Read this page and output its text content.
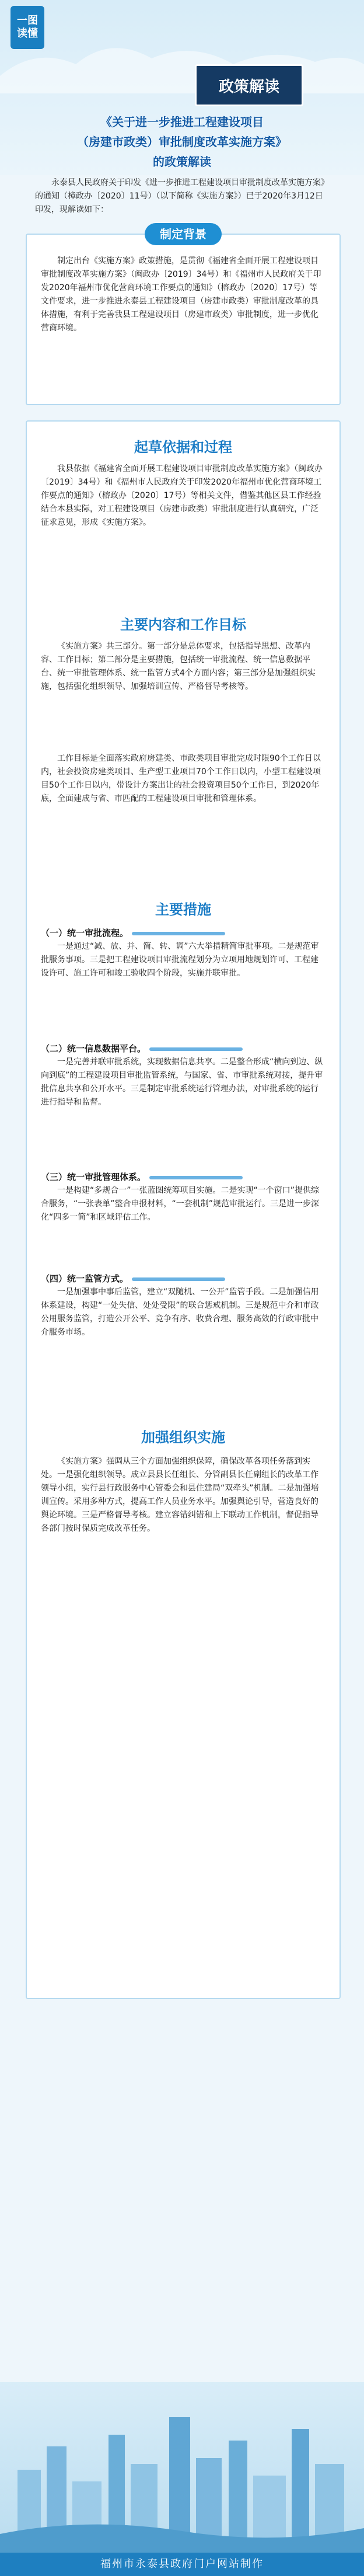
一图
读懂
政策解读
《关于进一步推进工程建设项目
（房建市政类）审批制度改革实施方案》
的政策解读

永泰县人民政府关于印发《进一步推进工程建设项目审批制度改革实施方案》的通知（樟政办〔2020〕11号）（以下简称《实施方案》）已于2020年3月12日印发，现解读如下：

制定背景

制定出台《实施方案》政策措施，是贯彻《福建省全面开展工程建设项目审批制度改革实施方案》（闽政办〔2019〕34号）和《福州市人民政府关于印发2020年福州市优化营商环境工作要点的通知》（榕政办〔2020〕17号）等文件要求，进一步推进永泰县工程建设项目（房建市政类）审批制度改革的具体措施，有利于完善我县工程建设项目（房建市政类）审批制度，进一步优化营商环境。

起草依据和过程

我县依据《福建省全面开展工程建设项目审批制度改革实施方案》（闽政办〔2019〕34号）和《福州市人民政府关于印发2020年福州市优化营商环境工作要点的通知》（榕政办〔2020〕17号）等相关文件，借鉴其他区县工作经验结合本县实际，对工程建设项目（房建市政类）审批制度进行认真研究，广泛征求意见，形成《实施方案》。

主要内容和工作目标

《实施方案》共三部分。第一部分是总体要求，包括指导思想、改革内容、工作目标；第二部分是主要措施，包括统一审批流程、统一信息数据平台、统一审批管理体系、统一监管方式4个方面内容；第三部分是加强组织实施，包括强化组织领导、加强培训宣传、严格督导考核等。

工作目标是全面落实政府房建类、市政类项目审批完成时限90个工作日以内，社会投资房建类项目、生产型工业项目70个工作日以内，小型工程建设项目50个工作日以内，带设计方案出让的社会投资项目50个工作日，到2020年底，全面建成与省、市匹配的工程建设项目审批和管理体系。

主要措施
（一）统一审批流程。

一是通过“减、放、并、简、转、调”六大举措精简审批事项。二是规范审批服务事项。三是把工程建设项目审批流程划分为立项用地规划许可、工程建设许可、施工许可和竣工验收四个阶段，实施并联审批。

（二）统一信息数据平台。

一是完善并联审批系统，实现数据信息共享。二是整合形成“横向到边、纵向到底”的工程建设项目审批监管系统，与国家、省、市审批系统对接，提升审批信息共享和公开水平。三是制定审批系统运行管理办法，对审批系统的运行进行指导和监督。

（三）统一审批管理体系。

一是构建“多规合一”一张蓝图统筹项目实施。二是实现“一个窗口”提供综合服务，“一张表单”整合申报材料，“一套机制”规范审批运行。三是进一步深化“四多一简”和区域评估工作。

（四）统一监管方式。

一是加强事中事后监管，建立“双随机、一公开”监管手段。二是加强信用体系建设，构建“一处失信、处处受限”的联合惩戒机制。三是规范中介和市政公用服务监管，打造公开公平、竞争有序、收费合理、服务高效的行政审批中介服务市场。

加强组织实施

《实施方案》强调从三个方面加强组织保障，确保改革各项任务落到实处。一是强化组织领导。成立县县长任组长、分管副县长任副组长的改革工作领导小组，实行县行政服务中心管委会和县住建局“双牵头”机制。二是加强培训宣传。采用多种方式，提高工作人员业务水平。加强舆论引导，营造良好的舆论环境。三是严格督导考核。建立容错纠错和上下联动工作机制，督促指导各部门按时保质完成改革任务。

福州市永泰县政府门户网站制作
